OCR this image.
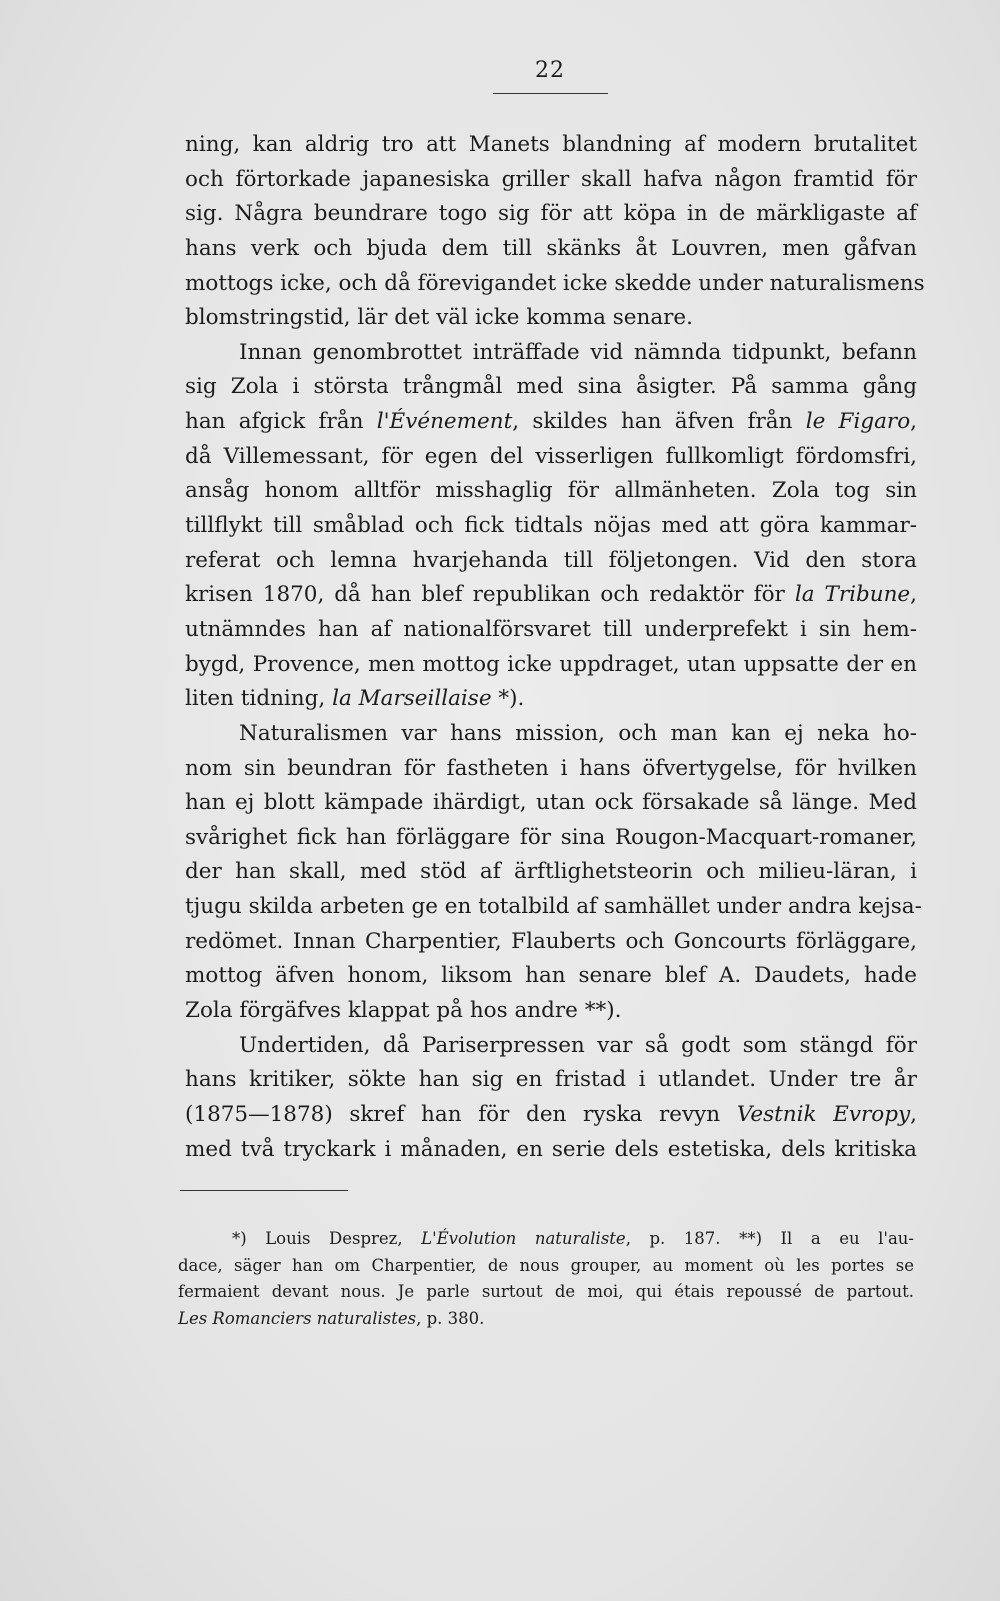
22
ning, kan aldrig tro att Manets blandning af modern brutalitet
och förtorkade japanesiska griller skall hafva någon framtid för
sig. Några beundrare togo sig för att köpa in de märkligaste af
hans verk och bjuda dem till skänks åt Louvren, men gåfvan
mottogs icke, och då förevigandet icke skedde under naturalismens
blomstringstid, lär det väl icke komma senare.
Innan genombrottet inträffade vid nämnda tidpunkt, befann
sig Zola i största trångmål med sina åsigter. På samma gång
han afgick från l'Événement, skildes han äfven från le Figaro,
då Villemessant, för egen del visserligen fullkomligt fördomsfri,
ansåg honom alltför misshaglig för allmänheten. Zola tog sin
tillflykt till småblad och fick tidtals nöjas med att göra kammar-
referat och lemna hvarjehanda till följetongen. Vid den stora
krisen 1870, då han blef republikan och redaktör för la Tribune,
utnämndes han af nationalförsvaret till underprefekt i sin hem-
bygd, Provence, men mottog icke uppdraget, utan uppsatte der en
liten tidning, la Marseillaise *).
Naturalismen var hans mission, och man kan ej neka ho-
nom sin beundran för fastheten i hans öfvertygelse, för hvilken
han ej blott kämpade ihärdigt, utan ock försakade så länge. Med
svårighet fick han förläggare för sina Rougon-Macquart-romaner,
der han skall, med stöd af ärftlighetsteorin och milieu-läran, i
tjugu skilda arbeten ge en totalbild af samhället under andra kejsa-
redömet. Innan Charpentier, Flauberts och Goncourts förläggare,
mottog äfven honom, liksom han senare blef A. Daudets, hade
Zola förgäfves klappat på hos andre **).
Undertiden, då Pariserpressen var så godt som stängd för
hans kritiker, sökte han sig en fristad i utlandet. Under tre år
(1875—1878) skref han för den ryska revyn Vestnik Evropy,
med två tryckark i månaden, en serie dels estetiska, dels kritiska
*) Louis Desprez, L'Évolution naturaliste, p. 187. **) Il a eu l'au-
dace, säger han om Charpentier, de nous grouper, au moment où les portes se
fermaient devant nous. Je parle surtout de moi, qui étais repoussé de partout.
Les Romanciers naturalistes, p. 380.
